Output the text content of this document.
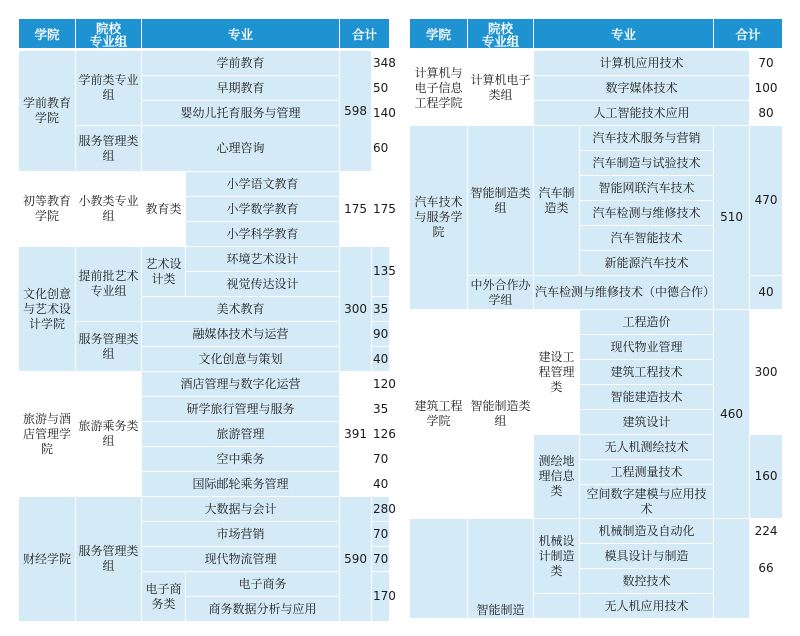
学院	院校
专业组	专业		合计	
学前教育学院	学前类专业组	学前教育		598	348
		早期教育			50
		婴幼儿托育服务与管理			140
	服务管理类组	心理咨询			60
初等教育学院	小教类专业组	教育类	小学语文教育	175	175
			小学数学教育		
			小学科学教育		
文化创意与艺术设计学院	提前批艺术专业组	艺术设计类	环境艺术设计	300	135
			视觉传达设计		
		美术教育			35
	服务管理类组	融媒体技术与运营			90
		文化创意与策划			40
旅游与酒店管理学院	旅游乘务类组	酒店管理与数字化运营		391	120
		研学旅行管理与服务			35
		旅游管理			126
		空中乘务			70
		国际邮轮乘务管理			40
财经学院	服务管理类组	大数据与会计		590	280
		市场营销			70
		现代物流管理			70
		电子商务类	电子商务		170
			商务数据分析与应用		
学院	院校
专业组	专业		合计	
计算机与电子信息工程学院	计算机电子类组	计算机应用技术			70
		数字媒体技术			100
		人工智能技术应用			80
汽车技术与服务学院	智能制造类组	汽车制造类	汽车技术服务与营销	510	470
			汽车制造与试验技术		
			智能网联汽车技术		
			汽车检测与维修技术		
			汽车智能技术		
			新能源汽车技术		
	中外合作办学组	汽车检测与维修技术（中德合作）			40
建筑工程学院	智能制造类组	建设工程管理类	工程造价	460	300
			现代物业管理		
			建筑工程技术		
			智能建造技术		
			建筑设计		
		测绘地理信息类	无人机测绘技术		160
			工程测量技术		
			空间数字建模与应用技术		
	智能制造	机械设计制造类	机械制造及自动化		224
			模具设计与制造		66
			数控技术		
			无人机应用技术		
